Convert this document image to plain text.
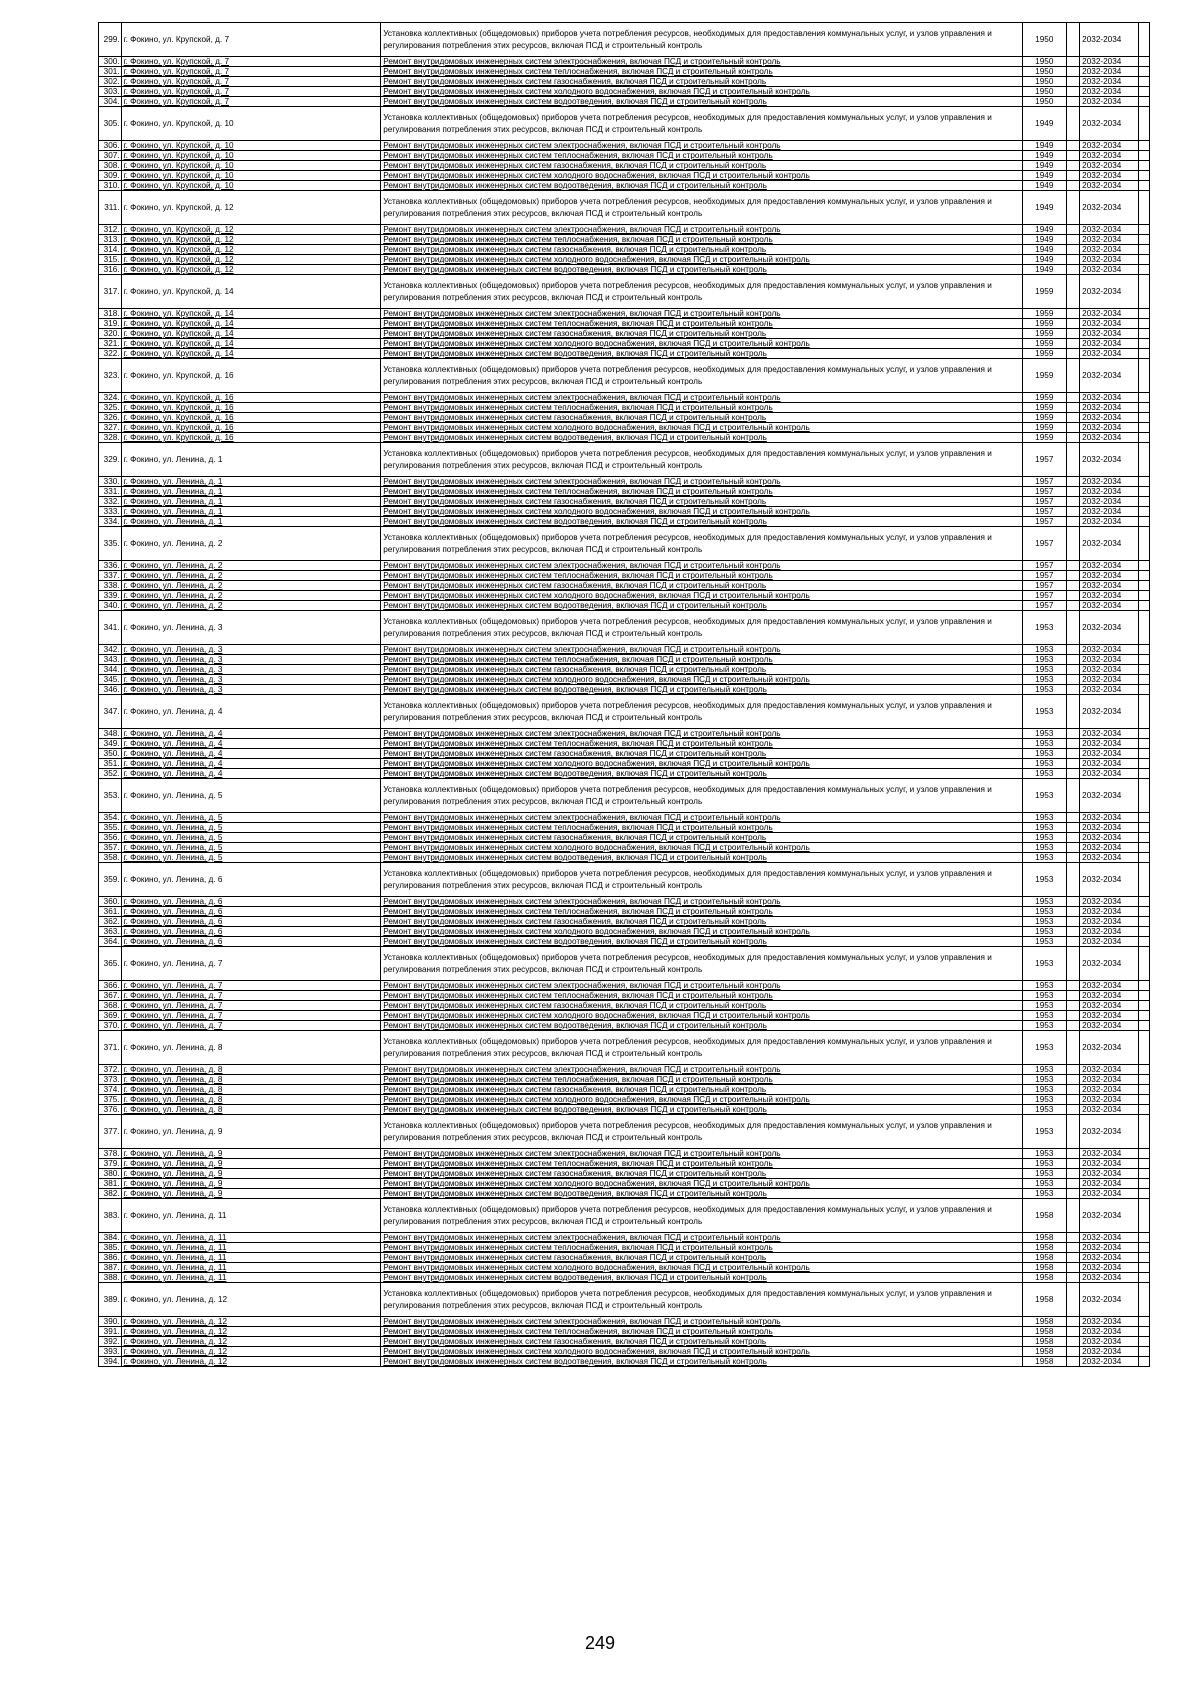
299.	г. Фокино, ул. Крупской, д. 7	Установка коллективных (общедомовых) приборов учета потребления ресурсов, необходимых для предоставления коммунальных услуг, и узлов управления и регулирования потребления этих ресурсов, включая ПСД и строительный контроль	1950		2032-2034	
300.	г. Фокино, ул. Крупской, д. 7	Ремонт внутридомовых инженерных систем электроснабжения, включая ПСД и строительный контроль	1950		2032-2034	
301.	г. Фокино, ул. Крупской, д. 7	Ремонт внутридомовых инженерных систем теплоснабжения, включая ПСД и строительный контроль	1950		2032-2034	
302.	г. Фокино, ул. Крупской, д. 7	Ремонт внутридомовых инженерных систем газоснабжения, включая ПСД и строительный контроль	1950		2032-2034	
303.	г. Фокино, ул. Крупской, д. 7	Ремонт внутридомовых инженерных систем холодного водоснабжения, включая ПСД и строительный контроль	1950		2032-2034	
304.	г. Фокино, ул. Крупской, д. 7	Ремонт внутридомовых инженерных систем водоотведения, включая ПСД и строительный контроль	1950		2032-2034	
305.	г. Фокино, ул. Крупской, д. 10	Установка коллективных (общедомовых) приборов учета потребления ресурсов, необходимых для предоставления коммунальных услуг, и узлов управления и регулирования потребления этих ресурсов, включая ПСД и строительный контроль	1949		2032-2034	
306.	г. Фокино, ул. Крупской, д. 10	Ремонт внутридомовых инженерных систем электроснабжения, включая ПСД и строительный контроль	1949		2032-2034	
307.	г. Фокино, ул. Крупской, д. 10	Ремонт внутридомовых инженерных систем теплоснабжения, включая ПСД и строительный контроль	1949		2032-2034	
308.	г. Фокино, ул. Крупской, д. 10	Ремонт внутридомовых инженерных систем газоснабжения, включая ПСД и строительный контроль	1949		2032-2034	
309.	г. Фокино, ул. Крупской, д. 10	Ремонт внутридомовых инженерных систем холодного водоснабжения, включая ПСД и строительный контроль	1949		2032-2034	
310.	г. Фокино, ул. Крупской, д. 10	Ремонт внутридомовых инженерных систем водоотведения, включая ПСД и строительный контроль	1949		2032-2034	
311.	г. Фокино, ул. Крупской, д. 12	Установка коллективных (общедомовых) приборов учета потребления ресурсов, необходимых для предоставления коммунальных услуг, и узлов управления и регулирования потребления этих ресурсов, включая ПСД и строительный контроль	1949		2032-2034	
312.	г. Фокино, ул. Крупской, д. 12	Ремонт внутридомовых инженерных систем электроснабжения, включая ПСД и строительный контроль	1949		2032-2034	
313.	г. Фокино, ул. Крупской, д. 12	Ремонт внутридомовых инженерных систем теплоснабжения, включая ПСД и строительный контроль	1949		2032-2034	
314.	г. Фокино, ул. Крупской, д. 12	Ремонт внутридомовых инженерных систем газоснабжения, включая ПСД и строительный контроль	1949		2032-2034	
315.	г. Фокино, ул. Крупской, д. 12	Ремонт внутридомовых инженерных систем холодного водоснабжения, включая ПСД и строительный контроль	1949		2032-2034	
316.	г. Фокино, ул. Крупской, д. 12	Ремонт внутридомовых инженерных систем водоотведения, включая ПСД и строительный контроль	1949		2032-2034	
317.	г. Фокино, ул. Крупской, д. 14	Установка коллективных (общедомовых) приборов учета потребления ресурсов, необходимых для предоставления коммунальных услуг, и узлов управления и регулирования потребления этих ресурсов, включая ПСД и строительный контроль	1959		2032-2034	
318.	г. Фокино, ул. Крупской, д. 14	Ремонт внутридомовых инженерных систем электроснабжения, включая ПСД и строительный контроль	1959		2032-2034	
319.	г. Фокино, ул. Крупской, д. 14	Ремонт внутридомовых инженерных систем теплоснабжения, включая ПСД и строительный контроль	1959		2032-2034	
320.	г. Фокино, ул. Крупской, д. 14	Ремонт внутридомовых инженерных систем газоснабжения, включая ПСД и строительный контроль	1959		2032-2034	
321.	г. Фокино, ул. Крупской, д. 14	Ремонт внутридомовых инженерных систем холодного водоснабжения, включая ПСД и строительный контроль	1959		2032-2034	
322.	г. Фокино, ул. Крупской, д. 14	Ремонт внутридомовых инженерных систем водоотведения, включая ПСД и строительный контроль	1959		2032-2034	
323.	г. Фокино, ул. Крупской, д. 16	Установка коллективных (общедомовых) приборов учета потребления ресурсов, необходимых для предоставления коммунальных услуг, и узлов управления и регулирования потребления этих ресурсов, включая ПСД и строительный контроль	1959		2032-2034	
324.	г. Фокино, ул. Крупской, д. 16	Ремонт внутридомовых инженерных систем электроснабжения, включая ПСД и строительный контроль	1959		2032-2034	
325.	г. Фокино, ул. Крупской, д. 16	Ремонт внутридомовых инженерных систем теплоснабжения, включая ПСД и строительный контроль	1959		2032-2034	
326.	г. Фокино, ул. Крупской, д. 16	Ремонт внутридомовых инженерных систем газоснабжения, включая ПСД и строительный контроль	1959		2032-2034	
327.	г. Фокино, ул. Крупской, д. 16	Ремонт внутридомовых инженерных систем холодного водоснабжения, включая ПСД и строительный контроль	1959		2032-2034	
328.	г. Фокино, ул. Крупской, д. 16	Ремонт внутридомовых инженерных систем водоотведения, включая ПСД и строительный контроль	1959		2032-2034	
329.	г. Фокино, ул. Ленина, д. 1	Установка коллективных (общедомовых) приборов учета потребления ресурсов, необходимых для предоставления коммунальных услуг, и узлов управления и регулирования потребления этих ресурсов, включая ПСД и строительный контроль	1957		2032-2034	
330.	г. Фокино, ул. Ленина, д. 1	Ремонт внутридомовых инженерных систем электроснабжения, включая ПСД и строительный контроль	1957		2032-2034	
331.	г. Фокино, ул. Ленина, д. 1	Ремонт внутридомовых инженерных систем теплоснабжения, включая ПСД и строительный контроль	1957		2032-2034	
332.	г. Фокино, ул. Ленина, д. 1	Ремонт внутридомовых инженерных систем газоснабжения, включая ПСД и строительный контроль	1957		2032-2034	
333.	г. Фокино, ул. Ленина, д. 1	Ремонт внутридомовых инженерных систем холодного водоснабжения, включая ПСД и строительный контроль	1957		2032-2034	
334.	г. Фокино, ул. Ленина, д. 1	Ремонт внутридомовых инженерных систем водоотведения, включая ПСД и строительный контроль	1957		2032-2034	
335.	г. Фокино, ул. Ленина, д. 2	Установка коллективных (общедомовых) приборов учета потребления ресурсов, необходимых для предоставления коммунальных услуг, и узлов управления и регулирования потребления этих ресурсов, включая ПСД и строительный контроль	1957		2032-2034	
336.	г. Фокино, ул. Ленина, д. 2	Ремонт внутридомовых инженерных систем электроснабжения, включая ПСД и строительный контроль	1957		2032-2034	
337.	г. Фокино, ул. Ленина, д. 2	Ремонт внутридомовых инженерных систем теплоснабжения, включая ПСД и строительный контроль	1957		2032-2034	
338.	г. Фокино, ул. Ленина, д. 2	Ремонт внутридомовых инженерных систем газоснабжения, включая ПСД и строительный контроль	1957		2032-2034	
339.	г. Фокино, ул. Ленина, д. 2	Ремонт внутридомовых инженерных систем холодного водоснабжения, включая ПСД и строительный контроль	1957		2032-2034	
340.	г. Фокино, ул. Ленина, д. 2	Ремонт внутридомовых инженерных систем водоотведения, включая ПСД и строительный контроль	1957		2032-2034	
341.	г. Фокино, ул. Ленина, д. 3	Установка коллективных (общедомовых) приборов учета потребления ресурсов, необходимых для предоставления коммунальных услуг, и узлов управления и регулирования потребления этих ресурсов, включая ПСД и строительный контроль	1953		2032-2034	
342.	г. Фокино, ул. Ленина, д. 3	Ремонт внутридомовых инженерных систем электроснабжения, включая ПСД и строительный контроль	1953		2032-2034	
343.	г. Фокино, ул. Ленина, д. 3	Ремонт внутридомовых инженерных систем теплоснабжения, включая ПСД и строительный контроль	1953		2032-2034	
344.	г. Фокино, ул. Ленина, д. 3	Ремонт внутридомовых инженерных систем газоснабжения, включая ПСД и строительный контроль	1953		2032-2034	
345.	г. Фокино, ул. Ленина, д. 3	Ремонт внутридомовых инженерных систем холодного водоснабжения, включая ПСД и строительный контроль	1953		2032-2034	
346.	г. Фокино, ул. Ленина, д. 3	Ремонт внутридомовых инженерных систем водоотведения, включая ПСД и строительный контроль	1953		2032-2034	
347.	г. Фокино, ул. Ленина, д. 4	Установка коллективных (общедомовых) приборов учета потребления ресурсов, необходимых для предоставления коммунальных услуг, и узлов управления и регулирования потребления этих ресурсов, включая ПСД и строительный контроль	1953		2032-2034	
348.	г. Фокино, ул. Ленина, д. 4	Ремонт внутридомовых инженерных систем электроснабжения, включая ПСД и строительный контроль	1953		2032-2034	
349.	г. Фокино, ул. Ленина, д. 4	Ремонт внутридомовых инженерных систем теплоснабжения, включая ПСД и строительный контроль	1953		2032-2034	
350.	г. Фокино, ул. Ленина, д. 4	Ремонт внутридомовых инженерных систем газоснабжения, включая ПСД и строительный контроль	1953		2032-2034	
351.	г. Фокино, ул. Ленина, д. 4	Ремонт внутридомовых инженерных систем холодного водоснабжения, включая ПСД и строительный контроль	1953		2032-2034	
352.	г. Фокино, ул. Ленина, д. 4	Ремонт внутридомовых инженерных систем водоотведения, включая ПСД и строительный контроль	1953		2032-2034	
353.	г. Фокино, ул. Ленина, д. 5	Установка коллективных (общедомовых) приборов учета потребления ресурсов, необходимых для предоставления коммунальных услуг, и узлов управления и регулирования потребления этих ресурсов, включая ПСД и строительный контроль	1953		2032-2034	
354.	г. Фокино, ул. Ленина, д. 5	Ремонт внутридомовых инженерных систем электроснабжения, включая ПСД и строительный контроль	1953		2032-2034	
355.	г. Фокино, ул. Ленина, д. 5	Ремонт внутридомовых инженерных систем теплоснабжения, включая ПСД и строительный контроль	1953		2032-2034	
356.	г. Фокино, ул. Ленина, д. 5	Ремонт внутридомовых инженерных систем газоснабжения, включая ПСД и строительный контроль	1953		2032-2034	
357.	г. Фокино, ул. Ленина, д. 5	Ремонт внутридомовых инженерных систем холодного водоснабжения, включая ПСД и строительный контроль	1953		2032-2034	
358.	г. Фокино, ул. Ленина, д. 5	Ремонт внутридомовых инженерных систем водоотведения, включая ПСД и строительный контроль	1953		2032-2034	
359.	г. Фокино, ул. Ленина, д. 6	Установка коллективных (общедомовых) приборов учета потребления ресурсов, необходимых для предоставления коммунальных услуг, и узлов управления и регулирования потребления этих ресурсов, включая ПСД и строительный контроль	1953		2032-2034	
360.	г. Фокино, ул. Ленина, д. 6	Ремонт внутридомовых инженерных систем электроснабжения, включая ПСД и строительный контроль	1953		2032-2034	
361.	г. Фокино, ул. Ленина, д. 6	Ремонт внутридомовых инженерных систем теплоснабжения, включая ПСД и строительный контроль	1953		2032-2034	
362.	г. Фокино, ул. Ленина, д. 6	Ремонт внутридомовых инженерных систем газоснабжения, включая ПСД и строительный контроль	1953		2032-2034	
363.	г. Фокино, ул. Ленина, д. 6	Ремонт внутридомовых инженерных систем холодного водоснабжения, включая ПСД и строительный контроль	1953		2032-2034	
364.	г. Фокино, ул. Ленина, д. 6	Ремонт внутридомовых инженерных систем водоотведения, включая ПСД и строительный контроль	1953		2032-2034	
365.	г. Фокино, ул. Ленина, д. 7	Установка коллективных (общедомовых) приборов учета потребления ресурсов, необходимых для предоставления коммунальных услуг, и узлов управления и регулирования потребления этих ресурсов, включая ПСД и строительный контроль	1953		2032-2034	
366.	г. Фокино, ул. Ленина, д. 7	Ремонт внутридомовых инженерных систем электроснабжения, включая ПСД и строительный контроль	1953		2032-2034	
367.	г. Фокино, ул. Ленина, д. 7	Ремонт внутридомовых инженерных систем теплоснабжения, включая ПСД и строительный контроль	1953		2032-2034	
368.	г. Фокино, ул. Ленина, д. 7	Ремонт внутридомовых инженерных систем газоснабжения, включая ПСД и строительный контроль	1953		2032-2034	
369.	г. Фокино, ул. Ленина, д. 7	Ремонт внутридомовых инженерных систем холодного водоснабжения, включая ПСД и строительный контроль	1953		2032-2034	
370.	г. Фокино, ул. Ленина, д. 7	Ремонт внутридомовых инженерных систем водоотведения, включая ПСД и строительный контроль	1953		2032-2034	
371.	г. Фокино, ул. Ленина, д. 8	Установка коллективных (общедомовых) приборов учета потребления ресурсов, необходимых для предоставления коммунальных услуг, и узлов управления и регулирования потребления этих ресурсов, включая ПСД и строительный контроль	1953		2032-2034	
372.	г. Фокино, ул. Ленина, д. 8	Ремонт внутридомовых инженерных систем электроснабжения, включая ПСД и строительный контроль	1953		2032-2034	
373.	г. Фокино, ул. Ленина, д. 8	Ремонт внутридомовых инженерных систем теплоснабжения, включая ПСД и строительный контроль	1953		2032-2034	
374.	г. Фокино, ул. Ленина, д. 8	Ремонт внутридомовых инженерных систем газоснабжения, включая ПСД и строительный контроль	1953		2032-2034	
375.	г. Фокино, ул. Ленина, д. 8	Ремонт внутридомовых инженерных систем холодного водоснабжения, включая ПСД и строительный контроль	1953		2032-2034	
376.	г. Фокино, ул. Ленина, д. 8	Ремонт внутридомовых инженерных систем водоотведения, включая ПСД и строительный контроль	1953		2032-2034	
377.	г. Фокино, ул. Ленина, д. 9	Установка коллективных (общедомовых) приборов учета потребления ресурсов, необходимых для предоставления коммунальных услуг, и узлов управления и регулирования потребления этих ресурсов, включая ПСД и строительный контроль	1953		2032-2034	
378.	г. Фокино, ул. Ленина, д. 9	Ремонт внутридомовых инженерных систем электроснабжения, включая ПСД и строительный контроль	1953		2032-2034	
379.	г. Фокино, ул. Ленина, д. 9	Ремонт внутридомовых инженерных систем теплоснабжения, включая ПСД и строительный контроль	1953		2032-2034	
380.	г. Фокино, ул. Ленина, д. 9	Ремонт внутридомовых инженерных систем газоснабжения, включая ПСД и строительный контроль	1953		2032-2034	
381.	г. Фокино, ул. Ленина, д. 9	Ремонт внутридомовых инженерных систем холодного водоснабжения, включая ПСД и строительный контроль	1953		2032-2034	
382.	г. Фокино, ул. Ленина, д. 9	Ремонт внутридомовых инженерных систем водоотведения, включая ПСД и строительный контроль	1953		2032-2034	
383.	г. Фокино, ул. Ленина, д. 11	Установка коллективных (общедомовых) приборов учета потребления ресурсов, необходимых для предоставления коммунальных услуг, и узлов управления и регулирования потребления этих ресурсов, включая ПСД и строительный контроль	1958		2032-2034	
384.	г. Фокино, ул. Ленина, д. 11	Ремонт внутридомовых инженерных систем электроснабжения, включая ПСД и строительный контроль	1958		2032-2034	
385.	г. Фокино, ул. Ленина, д. 11	Ремонт внутридомовых инженерных систем теплоснабжения, включая ПСД и строительный контроль	1958		2032-2034	
386.	г. Фокино, ул. Ленина, д. 11	Ремонт внутридомовых инженерных систем газоснабжения, включая ПСД и строительный контроль	1958		2032-2034	
387.	г. Фокино, ул. Ленина, д. 11	Ремонт внутридомовых инженерных систем холодного водоснабжения, включая ПСД и строительный контроль	1958		2032-2034	
388.	г. Фокино, ул. Ленина, д. 11	Ремонт внутридомовых инженерных систем водоотведения, включая ПСД и строительный контроль	1958		2032-2034	
389.	г. Фокино, ул. Ленина, д. 12	Установка коллективных (общедомовых) приборов учета потребления ресурсов, необходимых для предоставления коммунальных услуг, и узлов управления и регулирования потребления этих ресурсов, включая ПСД и строительный контроль	1958		2032-2034	
390.	г. Фокино, ул. Ленина, д. 12	Ремонт внутридомовых инженерных систем электроснабжения, включая ПСД и строительный контроль	1958		2032-2034	
391.	г. Фокино, ул. Ленина, д. 12	Ремонт внутридомовых инженерных систем теплоснабжения, включая ПСД и строительный контроль	1958		2032-2034	
392.	г. Фокино, ул. Ленина, д. 12	Ремонт внутридомовых инженерных систем газоснабжения, включая ПСД и строительный контроль	1958		2032-2034	
393.	г. Фокино, ул. Ленина, д. 12	Ремонт внутридомовых инженерных систем холодного водоснабжения, включая ПСД и строительный контроль	1958		2032-2034	
394.	г. Фокино, ул. Ленина, д. 12	Ремонт внутридомовых инженерных систем водоотведения, включая ПСД и строительный контроль	1958		2032-2034	
249
